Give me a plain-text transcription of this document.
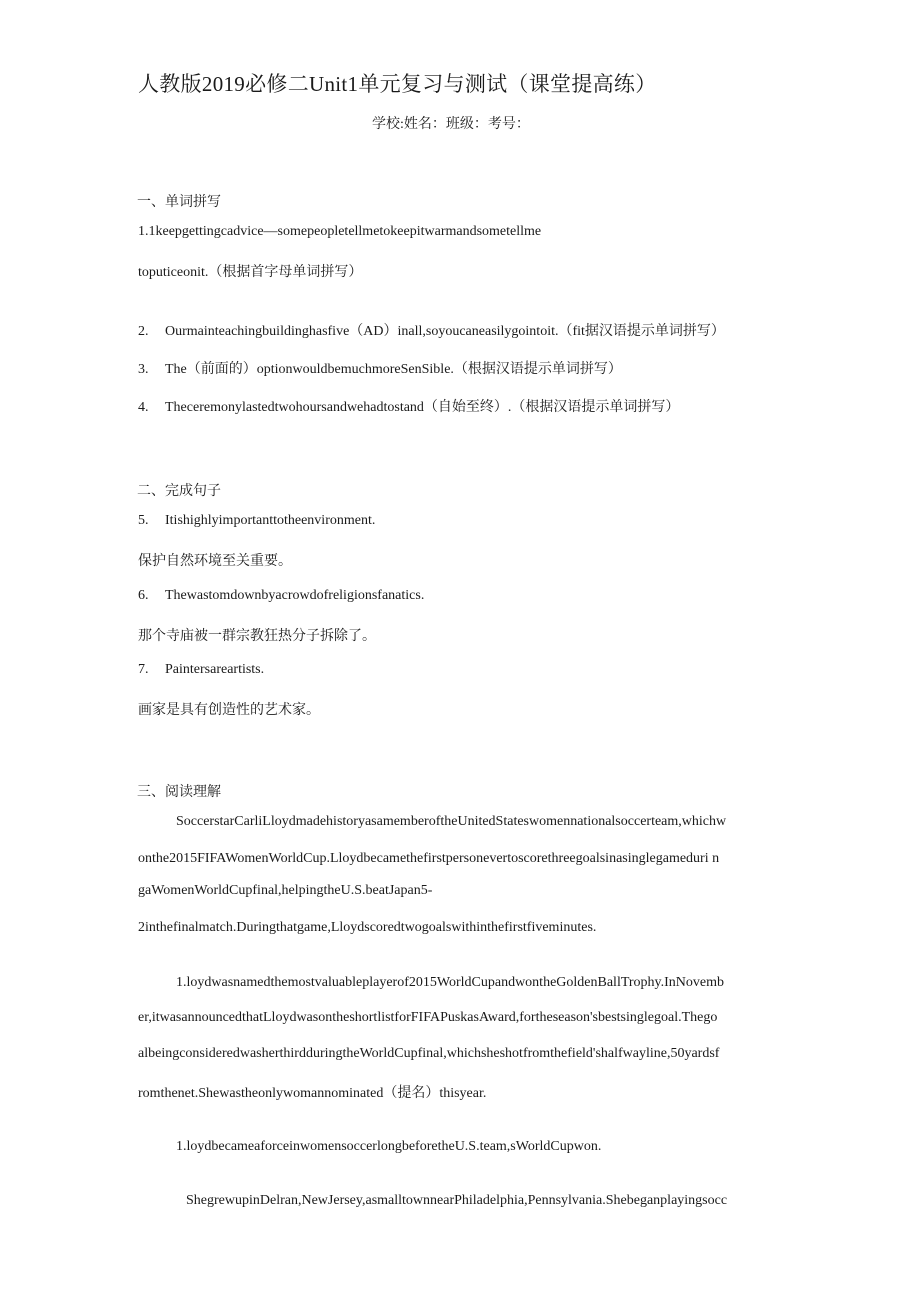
人教版2019必修二Unit1单元复习与测试（课堂提高练）
学校:姓名：班级：考号：
一、单词拼写
1.1keepgettingcadvice—somepeopletellmetokeepitwarmandsometellme
toputiceonit.（根据首字母单词拼写）
2. Ourmainteachingbuildinghasfive（AD）inall,soyoucaneasilygointoit.（fit据汉语提示单词拼写）
3. The（前面的）optionwouldbemuchmoreSenSible.（根据汉语提示单词拼写）
4. Theceremonylastedtwohoursandwehadtostand（自始至终）.（根据汉语提示单词拼写）
二、完成句子
5. Itishighlyimportanttotheenvironment.
保护自然环境至关重要。
6. Thewastomdownbyacrowdofreligionsfanatics.
那个寺庙被一群宗教狂热分子拆除了。
7. Paintersareartists.
画家是具有创造性的艺术家。
三、阅读理解
SoccerstarCarliLloydmadehistoryasamemberoftheUnitedStateswomennationalsoccerteam,whichw
onthe2015FIFAWomenWorldCup.Lloydbecamethefirstpersonevertoscorethreegoalsinasinglegameduri n
gaWomenWorldCupfinal,helpingtheU.S.beatJapan5-
2inthefinalmatch.Duringthatgame,Lloydscoredtwogoalswithinthefirstfiveminutes.
1.loydwasnamedthemostvaluableplayerof2015WorldCupandwontheGoldenBallTrophy.InNovemb
er,itwasannouncedthatLloydwasontheshortlistforFIFAPuskasAward,fortheseason'sbestsinglegoal.Thego
albeingconsideredwasherthirdduringtheWorldCupfinal,whichsheshotfromthefield'shalfwayline,50yardsf
romthenet.Shewastheonlywomannominated（提名）thisyear.
1.loydbecameaforceinwomensoccerlongbeforetheU.S.team,sWorldCupwon.
ShegrewupinDelran,NewJersey,asmalltownnearPhiladelphia,Pennsylvania.Shebeganplayingsocc
